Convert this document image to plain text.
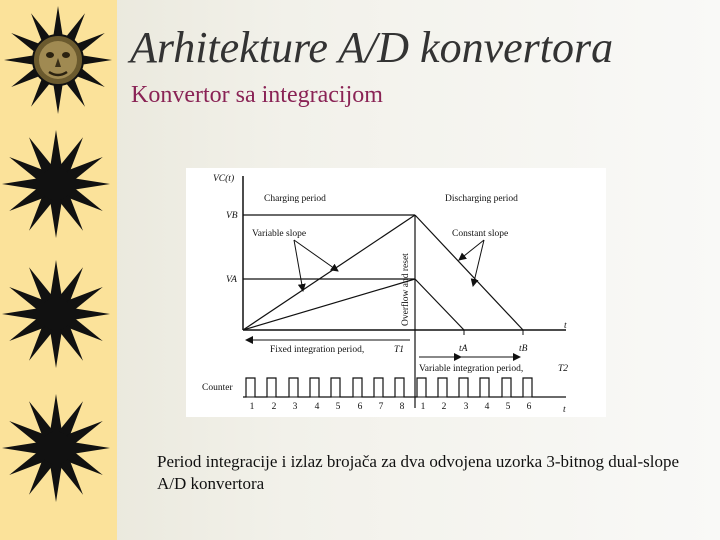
Arhitekture A/D konvertora
Konvertor sa integracijom
VC(t)
VB
VA
Charging period	Discharging period
Variable slope	Constant slope
Overflow and reset	t
Fixed integration period,	T1	tA	tB
Variable integration period,	T2
Counter
t
1 2 3 4 5 6 7 8 1 2 3 4 5 6

Period integracije i izlaz brojača za dva odvojena uzorka 3-bitnog dual-slope A/D konvertora
